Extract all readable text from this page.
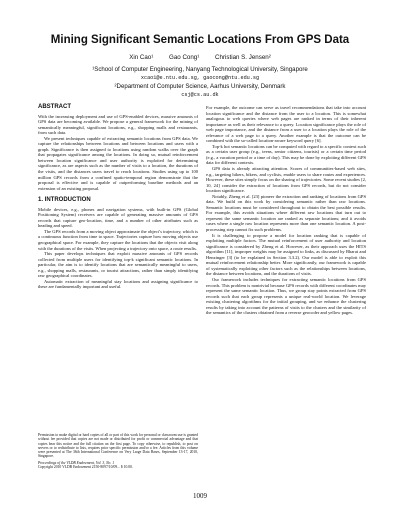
Mining Significant Semantic Locations From GPS Data
Xin Cao¹	Gao Cong¹	Christian S. Jensen²
¹School of Computer Engineering, Nanyang Technological University, Singapore
xcao1@e.ntu.edu.sg, gaocong@ntu.edu.sg
²Department of Computer Science, Aarhus University, Denmark
csj@cs.au.dk
ABSTRACT

With the increasing deployment and use of GPS-enabled devices, massive amounts of GPS data are becoming available. We propose a general framework for the mining of semantically meaningful, significant locations, e.g., shopping malls and restaurants, from such data.

We present techniques capable of extracting semantic locations from GPS data. We capture the relationships between locations and between locations and users with a graph. Significance is then assigned to locations using random walks over the graph that propagates significance among the locations. In doing so, mutual reinforcement between location significance and user authority is exploited for determining significance, as are aspects such as the number of visits to a location, the durations of the visits, and the distances users travel to reach locations. Studies using up to 100 million GPS records from a confined spatio-temporal region demonstrate that the proposal is effective and is capable of outperforming baseline methods and an extension of an existing proposal.

1. INTRODUCTION

Mobile devices, e.g., phones and navigation systems, with built-in GPS (Global Positioning System) receivers are capable of generating massive amounts of GPS records that capture geo-location, time, and a number of other attributes such as heading and speed.

The GPS records from a moving object approximate the object’s trajectory, which is a continuous function from time to space. Trajectories capture how moving objects use geographical space. For example, they capture the locations that the objects visit along with the durations of the visits. When projecting a trajectory onto space, a route results.

This paper develops techniques that exploit massive amounts of GPS records collected from multiple users for identifying top-k significant semantic locations. In particular, the aim is to identify locations that are semantically meaningful to users, e.g., shopping malls, restaurants, or tourist attractions, rather than simply identifying raw geographical coordinates.

Automatic extraction of meaningful stay locations and assigning significance to these are fundamentally important and useful.

Permission to make digital or hard copies of all or part of this work for personal or classroom use is granted without fee provided that copies are not made or distributed for profit or commercial advantage and that copies bear this notice and the full citation on the first page. To copy otherwise, to republish, to post on servers or to redistribute to lists, requires prior specific permission and/or a fee. Articles from this volume were presented at The 36th International Conference on Very Large Data Bases, September 13-17, 2010, Singapore.

Proceedings of the VLDB Endowment, Vol. 3, No. 1

Copyright 2010 VLDB Endowment 2150-8097/10/09... $ 10.00.

For example, the outcome can serve as travel recommendations that take into account location significance and the distance from the user to a location. This is somewhat analogous to web queries where web pages are ranked in terms of their inherent importance as well as their relevance to a query. Location significance plays the role of web page importance, and the distance from a user to a location plays the role of the relevance of a web page to a query. Another example is that the outcome can be combined with the so-called location-aware keyword query [6].

Top-k hot semantic locations can be computed with regard to a specific context such as a certain user group (e.g., teens, senior citizens, tourists) or a certain time period (e.g., a vacation period or a time of day). This may be done by exploiting different GPS data for different contexts.

GPS data is already attracting attention. Scores of communities-based web sites, e.g., targeting hikers, bikers, and cyclists, enable users to share routes and experiences. However, these sites simply focus on the sharing of trajectories. Some recent studies [2, 10, 24] consider the extraction of locations from GPS records, but do not consider location significance.

Notably, Zheng et al. [23] pioneer the extraction and ranking of locations from GPS data. We build on this work by considering semantic rather than raw locations. Semantic locations must be considered throughout to obtain the best possible results. For example, this avoids situations where different raw locations that turn out to represent the same semantic location are ranked as separate locations; and it avoids cases where a single raw location represents more than one semantic location. A post-processing step cannot fix such problems.

It is challenging to propose a model for location ranking that is capable of exploiting multiple factors. The mutual reinforcement of user authority and location significance is considered by Zheng et al. However, as their approach uses the HITS algorithm [11], improper weights may be assigned to links, as discussed by Bharat and Henzinger [3] (to be explained in Section 3.3.2). Our model is able to exploit this mutual reinforcement relationship better. More significantly, our framework is capable of systematically exploiting other factors such as the relationships between locations, the distance between locations, and the durations of visits.

Our framework includes techniques for extracting semantic locations from GPS records. This problem is nontrivial because GPS records with different coordinates may represent the same semantic location. Thus, we group stay points extracted from GPS records such that each group represents a unique real-world location. We leverage existing clustering algorithms for the initial grouping, and we enhance the clustering results by taking into account the patterns of visits to the clusters and the similarity of the semantics of the clusters obtained from a reverse geocoder and yellow pages.

1009
